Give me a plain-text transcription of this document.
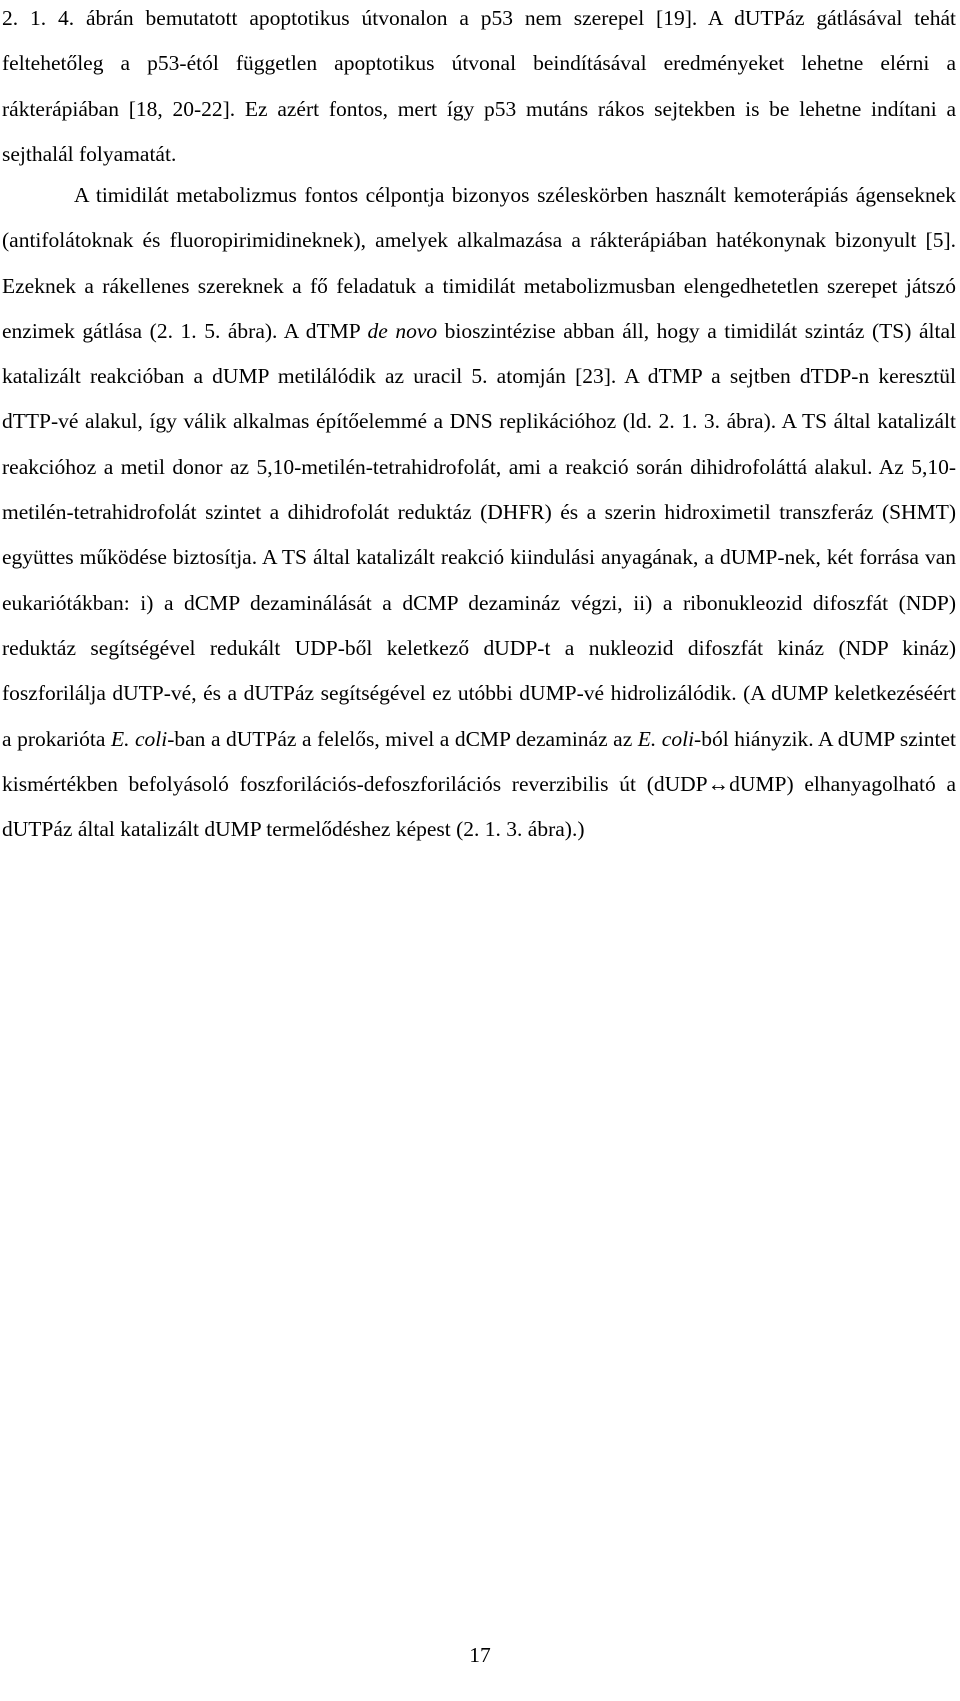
2. 1. 4. ábrán bemutatott apoptotikus útvonalon a p53 nem szerepel [19]. A dUTPáz gátlásával tehát feltehetőleg a p53-étól független apoptotikus útvonal beindításával eredményeket lehetne elérni a rákterápiában [18, 20-22]. Ez azért fontos, mert így p53 mutáns rákos sejtekben is be lehetne indítani a sejthalál folyamatát.

A timidilát metabolizmus fontos célpontja bizonyos széleskörben használt kemoterápiás ágenseknek (antifolátoknak és fluoropirimidineknek), amelyek alkalmazása a rákterápiában hatékonynak bizonyult [5]. Ezeknek a rákellenes szereknek a fő feladatuk a timidilát metabolizmusban elengedhetetlen szerepet játszó enzimek gátlása (2. 1. 5. ábra). A dTMP de novo bioszintézise abban áll, hogy a timidilát szintáz (TS) által katalizált reakcióban a dUMP metilálódik az uracil 5. atomján [23]. A dTMP a sejtben dTDP-n keresztül dTTP-vé alakul, így válik alkalmas építőelemmé a DNS replikációhoz (ld. 2. 1. 3. ábra). A TS által katalizált reakcióhoz a metil donor az 5,10-metilén-tetrahidrofolát, ami a reakció során dihidrofoláttá alakul. Az 5,10-metilén-tetrahidrofolát szintet a dihidrofolát reduktáz (DHFR) és a szerin hidroximetil transzferáz (SHMT) együttes működése biztosítja. A TS által katalizált reakció kiindulási anyagának, a dUMP-nek, két forrása van eukariótákban: i) a dCMP dezaminálását a dCMP dezamináz végzi, ii) a ribonukleozid difoszfát (NDP) reduktáz segítségével redukált UDP-ből keletkező dUDP-t a nukleozid difoszfát kináz (NDP kináz) foszforilálja dUTP-vé, és a dUTPáz segítségével ez utóbbi dUMP-vé hidrolizálódik. (A dUMP keletkezéséért a prokarióta E. coli-ban a dUTPáz a felelős, mivel a dCMP dezamináz az E. coli-ból hiányzik. A dUMP szintet kismértékben befolyásoló foszforilációs-defoszforilációs reverzibilis út (dUDP↔dUMP) elhanyagolható a dUTPáz által katalizált dUMP termelődéshez képest (2. 1. 3. ábra).)

17
